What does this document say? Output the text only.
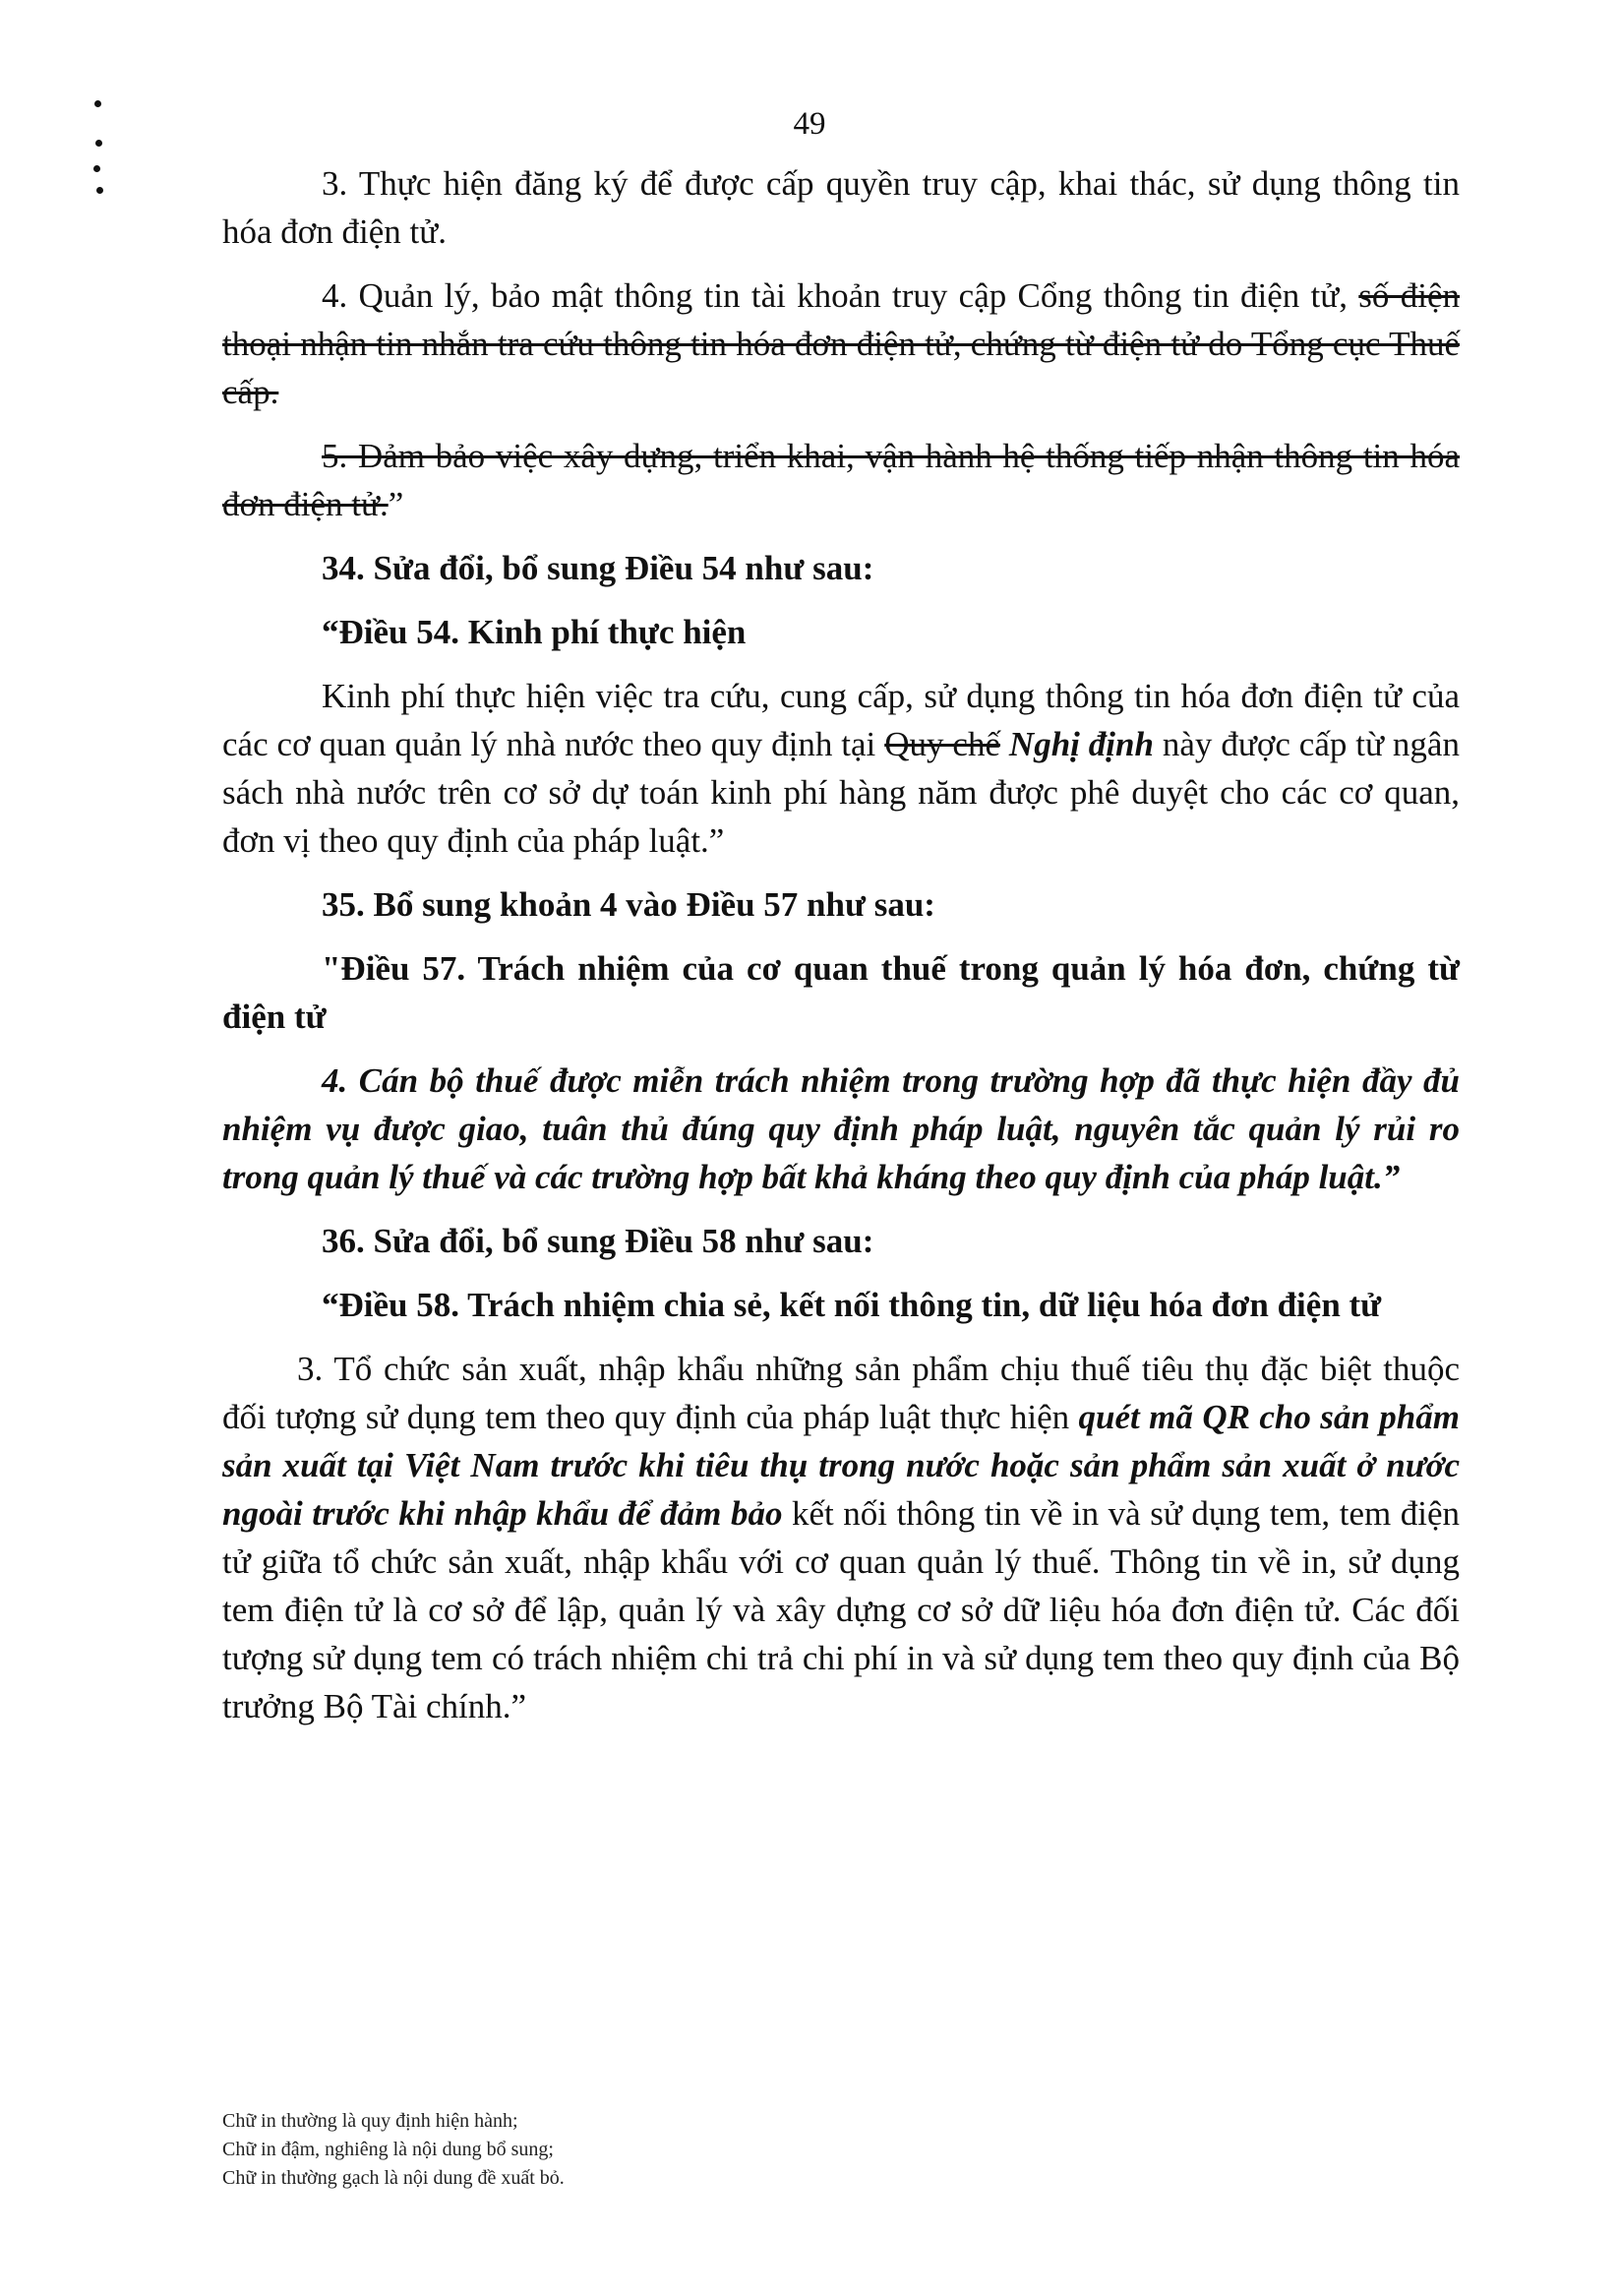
49

3. Thực hiện đăng ký để được cấp quyền truy cập, khai thác, sử dụng thông tin hóa đơn điện tử.

4. Quản lý, bảo mật thông tin tài khoản truy cập Cổng thông tin điện tử, số điện thoại nhận tin nhắn tra cứu thông tin hóa đơn điện tử, chứng từ điện tử do Tổng cục Thuế cấp.

5. Đảm bảo việc xây dựng, triển khai, vận hành hệ thống tiếp nhận thông tin hóa đơn điện tử.”

34. Sửa đổi, bổ sung Điều 54 như sau:

“Điều 54. Kinh phí thực hiện

Kinh phí thực hiện việc tra cứu, cung cấp, sử dụng thông tin hóa đơn điện tử của các cơ quan quản lý nhà nước theo quy định tại Quy chế Nghị định này được cấp từ ngân sách nhà nước trên cơ sở dự toán kinh phí hàng năm được phê duyệt cho các cơ quan, đơn vị theo quy định của pháp luật.”

35. Bổ sung khoản 4 vào Điều 57 như sau:

"Điều 57. Trách nhiệm của cơ quan thuế trong quản lý hóa đơn, chứng từ điện tử

4. Cán bộ thuế được miễn trách nhiệm trong trường hợp đã thực hiện đầy đủ nhiệm vụ được giao, tuân thủ đúng quy định pháp luật, nguyên tắc quản lý rủi ro trong quản lý thuế và các trường hợp bất khả kháng theo quy định của pháp luật.”

36. Sửa đổi, bổ sung Điều 58 như sau:

“Điều 58. Trách nhiệm chia sẻ, kết nối thông tin, dữ liệu hóa đơn điện tử

3. Tổ chức sản xuất, nhập khẩu những sản phẩm chịu thuế tiêu thụ đặc biệt thuộc đối tượng sử dụng tem theo quy định của pháp luật thực hiện quét mã QR cho sản phẩm sản xuất tại Việt Nam trước khi tiêu thụ trong nước hoặc sản phẩm sản xuất ở nước ngoài trước khi nhập khẩu để đảm bảo kết nối thông tin về in và sử dụng tem, tem điện tử giữa tổ chức sản xuất, nhập khẩu với cơ quan quản lý thuế. Thông tin về in, sử dụng tem điện tử là cơ sở để lập, quản lý và xây dựng cơ sở dữ liệu hóa đơn điện tử. Các đối tượng sử dụng tem có trách nhiệm chi trả chi phí in và sử dụng tem theo quy định của Bộ trưởng Bộ Tài chính.”

Chữ in thường là quy định hiện hành;
Chữ in đậm, nghiêng là nội dung bổ sung;
Chữ in thường gạch là nội dung đề xuất bỏ.
